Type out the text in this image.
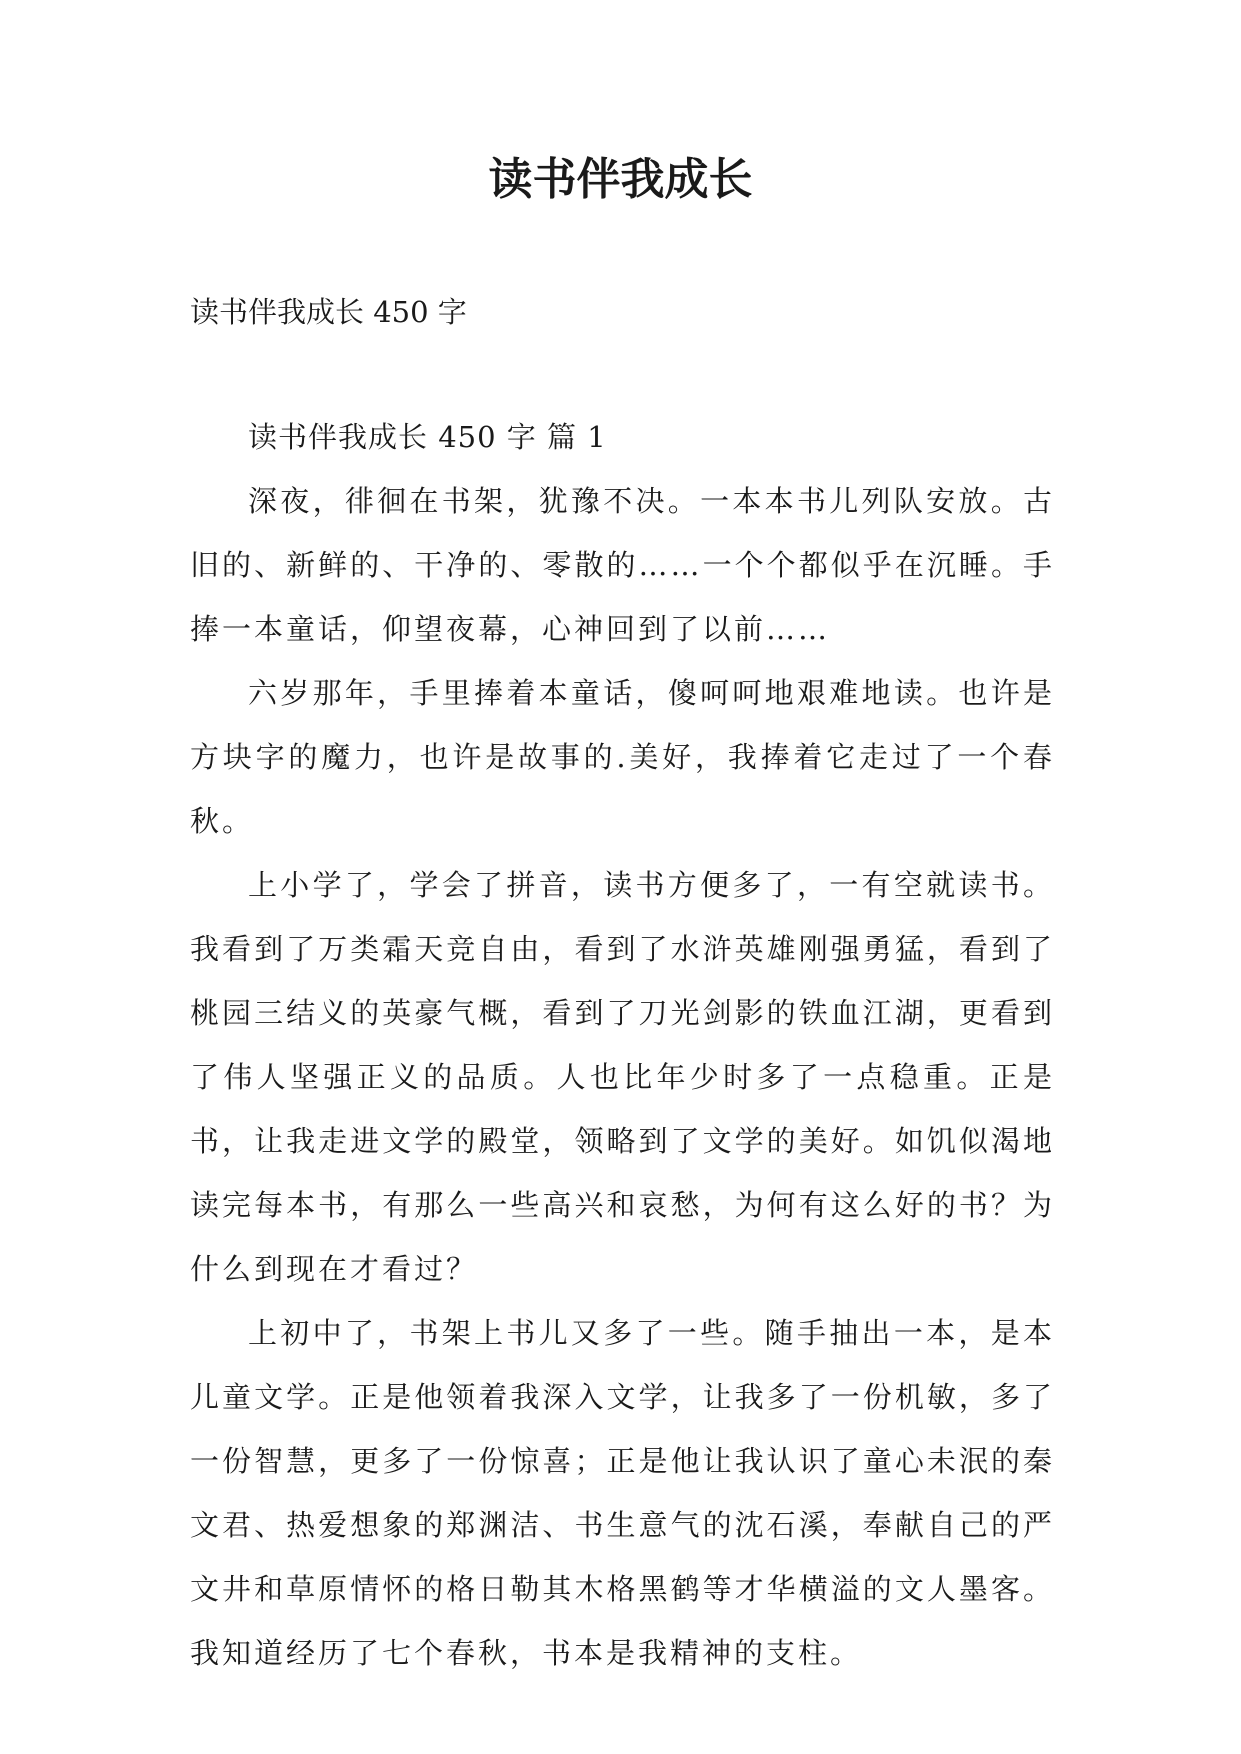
读书伴我成长

读书伴我成长 450 字

读书伴我成长 450 字 篇 1

深夜，徘徊在书架，犹豫不决。一本本书儿列队安放。古旧的、新鲜的、干净的、零散的……一个个都似乎在沉睡。手捧一本童话，仰望夜幕，心神回到了以前……

六岁那年，手里捧着本童话，傻呵呵地艰难地读。也许是方块字的魔力，也许是故事的.美好，我捧着它走过了一个春秋。

上小学了，学会了拼音，读书方便多了，一有空就读书。我看到了万类霜天竞自由，看到了水浒英雄刚强勇猛，看到了桃园三结义的英豪气概，看到了刀光剑影的铁血江湖，更看到了伟人坚强正义的品质。人也比年少时多了一点稳重。正是书，让我走进文学的殿堂，领略到了文学的美好。如饥似渴地读完每本书，有那么一些高兴和哀愁，为何有这么好的书？为什么到现在才看过？

上初中了，书架上书儿又多了一些。随手抽出一本，是本儿童文学。正是他领着我深入文学，让我多了一份机敏，多了一份智慧，更多了一份惊喜；正是他让我认识了童心未泯的秦文君、热爱想象的郑渊洁、书生意气的沈石溪，奉献自己的严文井和草原情怀的格日勒其木格黑鹤等才华横溢的文人墨客。我知道经历了七个春秋，书本是我精神的支柱。
